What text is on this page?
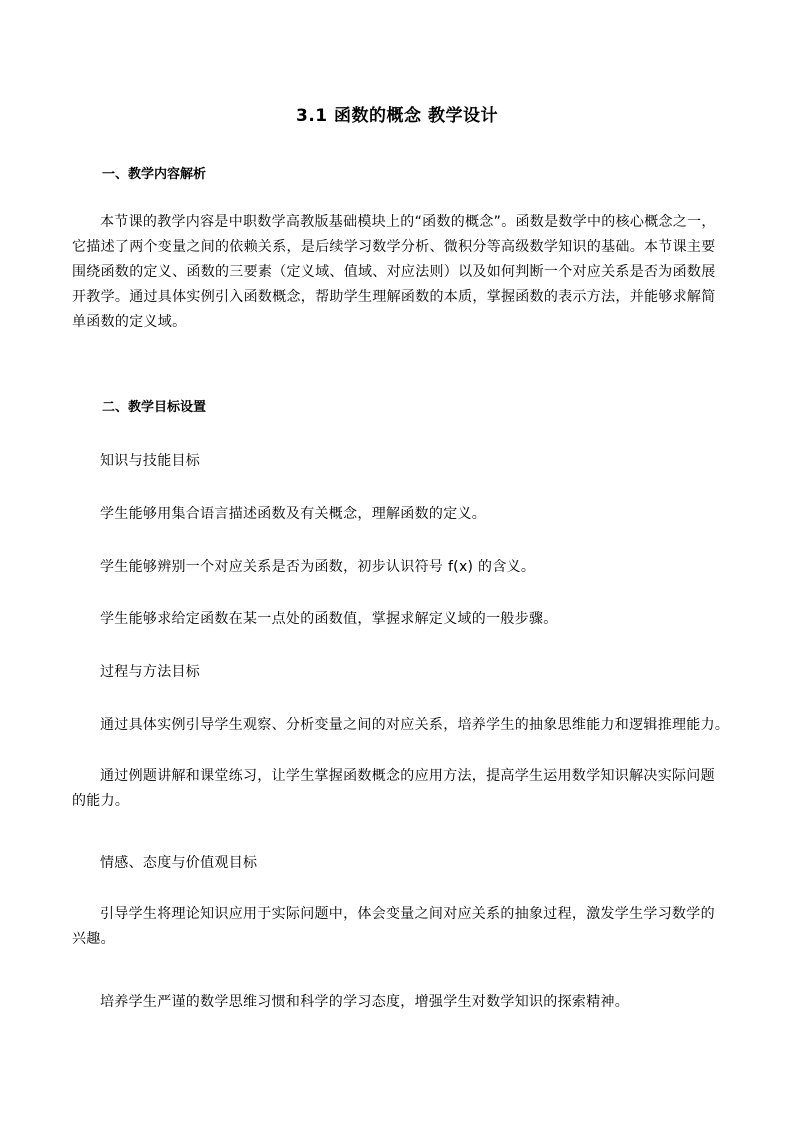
3.1 函数的概念 教学设计
一、教学内容解析
本节课的教学内容是中职数学高教版基础模块上的“函数的概念”。函数是数学中的核心概念之一，它描述了两个变量之间的依赖关系，是后续学习数学分析、微积分等高级数学知识的基础。本节课主要围绕函数的定义、函数的三要素（定义域、值域、对应法则）以及如何判断一个对应关系是否为函数展开教学。通过具体实例引入函数概念，帮助学生理解函数的本质，掌握函数的表示方法，并能够求解简单函数的定义域。
二、教学目标设置
知识与技能目标
学生能够用集合语言描述函数及有关概念，理解函数的定义。
学生能够辨别一个对应关系是否为函数，初步认识符号 f(x) 的含义。
学生能够求给定函数在某一点处的函数值，掌握求解定义域的一般步骤。
过程与方法目标
通过具体实例引导学生观察、分析变量之间的对应关系，培养学生的抽象思维能力和逻辑推理能力。
通过例题讲解和课堂练习，让学生掌握函数概念的应用方法，提高学生运用数学知识解决实际问题的能力。
情感、态度与价值观目标
引导学生将理论知识应用于实际问题中，体会变量之间对应关系的抽象过程，激发学生学习数学的兴趣。
培养学生严谨的数学思维习惯和科学的学习态度，增强学生对数学知识的探索精神。
